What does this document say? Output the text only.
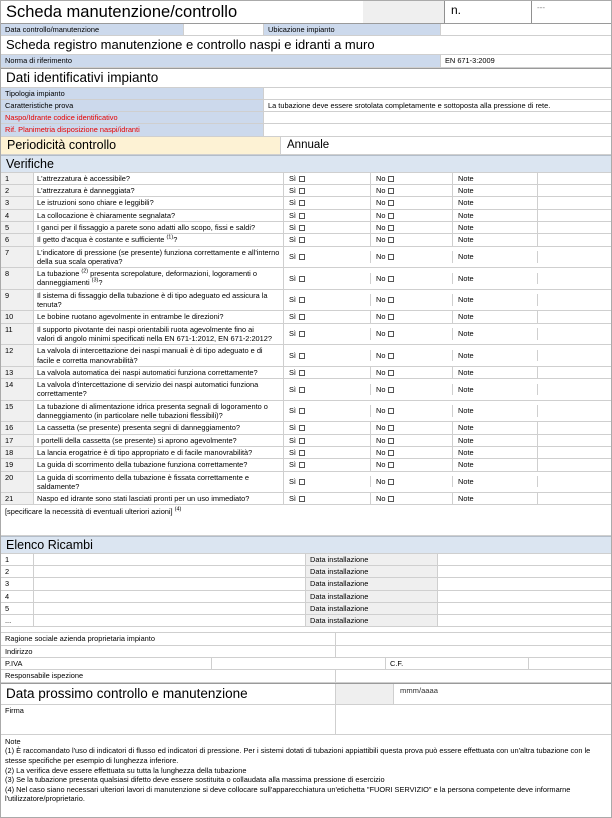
Scheda manutenzione/controllo	n.	---
Data controllo/manutenzione	Ubicazione impianto
Scheda registro manutenzione e controllo naspi e idranti a muro
Norma di riferimento	EN 671-3:2009
Dati identificativi impianto
Tipologia impianto
Caratteristiche prova	La tubazione deve essere srotolata completamente e sottoposta alla pressione di rete.
Naspo/Idrante codice identificativo
Rif. Planimetria disposizione naspi/idranti
Periodicità controllo	Annuale
Verifiche
1	L'attrezzatura è accessibile?	Sì	No	Note
2	L'attrezzatura è danneggiata?	Sì	No	Note
3	Le istruzioni sono chiare e leggibili?	Sì	No	Note
4	La collocazione è chiaramente segnalata?	Sì	No	Note
5	I ganci per il fissaggio a parete sono adatti allo scopo, fissi e saldi?	Sì	No	Note
6	Il getto d'acqua è costante e sufficiente $^{(1)}$?	Sì	No	Note
7	L'indicatore di pressione (se presente) funziona correttamente e all'interno della sua scala operativa?
Sì	No	Note
8	La tubazione $^{(2)}$ presenta screpolature, deformazioni, logoramenti o danneggiamenti $^{(3)}$?
Sì	No	Note
9	Il sistema di fissaggio della tubazione è di tipo adeguato ed assicura la tenuta?
Sì	No	Note
10	Le bobine ruotano agevolmente in entrambe le direzioni?	Sì	No	Note
11	Il supporto pivotante dei naspi orientabili ruota agevolmente fino ai
valori di angolo minimi specificati nella EN 671-1:2012, EN 671-2:2012?
Sì	No	Note
12	La valvola di intercettazione dei naspi manuali è di tipo adeguato e di facile e corretta manovrabilità?
Sì	No	Note
13	La valvola automatica dei naspi automatici funziona correttamente?	Sì	No	Note
14	La valvola d'intercettazione di servizio dei naspi automatici funziona correttamente?
Sì	No	Note
15	La tubazione di alimentazione idrica presenta segnali di logoramento o danneggiamento (in particolare nelle tubazioni flessibili)?
Sì	No	Note
16	La cassetta (se presente) presenta segni di danneggiamento?	Sì	No	Note
17	I portelli della cassetta (se presente) si aprono agevolmente?	Sì	No	Note
18	La lancia erogatrice è di tipo appropriato e di facile manovrabilità?	Sì	No	Note
19	La guida di scorrimento della tubazione funziona correttamente?	Sì	No	Note
20	La guida di scorrimento della tubazione è fissata correttamente e saldamente?
Sì	No	Note
21	Naspo ed idrante sono stati lasciati pronti per un uso immediato?	Sì	No	Note
[specificare la necessità di eventuali ulteriori azioni] $^{(4)}$
Elenco Ricambi
1	Data installazione
2	Data installazione
3	Data installazione
4	Data installazione
5	Data installazione
...	Data installazione
Ragione sociale azienda proprietaria impianto
Indirizzo
P.IVA	C.F.
Responsabile ispezione
Data prossimo controllo e manutenzione	mmm/aaaa
Firma
Note
(1) È raccomandato l'uso di indicatori di flusso ed indicatori di pressione. Per i sistemi dotati di tubazioni appiattibili questa prova può essere effettuata con un'altra tubazione con le stesse specifiche per esempio di lunghezza inferiore.
(2) La verifica deve essere effettuata su tutta la lunghezza della tubazione
(3) Se la tubazione presenta qualsiasi difetto deve essere sostituita o collaudata alla massima pressione di esercizio
(4) Nel caso siano necessari ulteriori lavori di manutenzione si deve collocare sull'apparecchiatura un'etichetta "FUORI SERVIZIO" e la persona competente deve informarne l'utilizzatore/proprietario.
